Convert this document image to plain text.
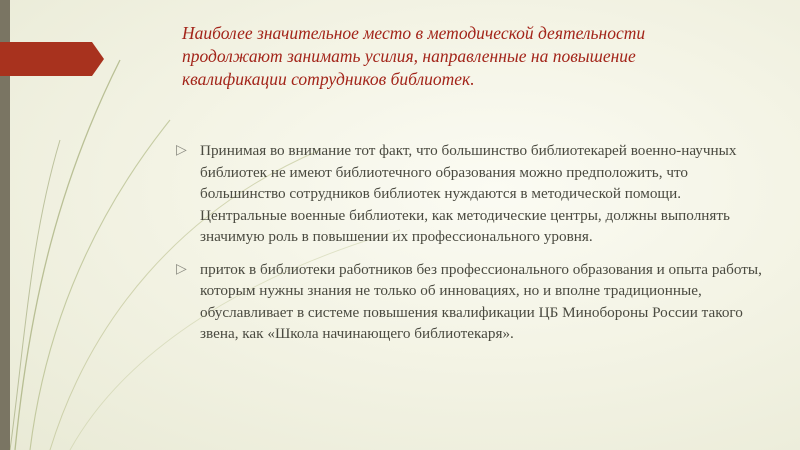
Наиболее значительное место в методической деятельности продолжают занимать усилия, направленные на повышение квалификации сотрудников библиотек.
▷ Принимая во внимание тот факт, что большинство библиотекарей военно-научных библиотек не имеют библиотечного образования можно предположить, что большинство сотрудников библиотек нуждаются в методической помощи. Центральные военные библиотеки, как методические центры, должны выполнять значимую роль в повышении их профессионального уровня.
▷ приток в библиотеки работников без профессионального образования и опыта работы, которым нужны знания не только об инновациях, но и вполне традиционные, обуславливает в системе повышения квалификации ЦБ Минобороны России такого звена, как «Школа начинающего библиотекаря».
